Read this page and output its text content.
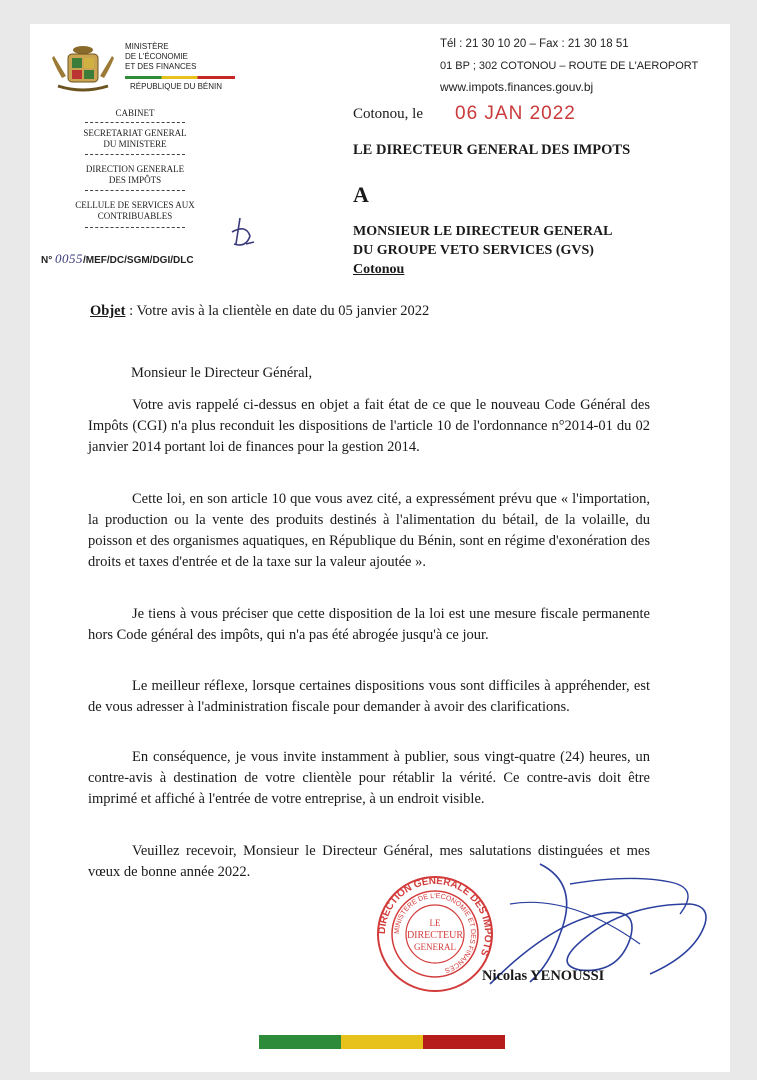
MINISTÈRE
DE L'ÉCONOMIE
ET DES FINANCES
RÉPUBLIQUE DU BÉNIN
CABINET
SECRETARIAT GENERAL
DU MINISTERE
DIRECTION GENERALE
DES IMPÔTS
CELLULE DE SERVICES AUX
CONTRIBUABLES
N° 0055/MEF/DC/SGM/DGI/DLC
Tél : 21 30 10 20 – Fax : 21 30 18 51
01 BP ; 302 COTONOU – ROUTE DE L'AEROPORT
www.impots.finances.gouv.bj
Cotonou, le 06 JAN 2022
LE DIRECTEUR GENERAL DES IMPOTS
A
MONSIEUR LE DIRECTEUR GENERAL
DU GROUPE VETO SERVICES (GVS)
Cotonou
Objet : Votre avis à la clientèle en date du 05 janvier 2022
Monsieur le Directeur Général,

Votre avis rappelé ci-dessus en objet a fait état de ce que le nouveau Code Général des Impôts (CGI) n'a plus reconduit les dispositions de l'article 10 de l'ordonnance n°2014-01 du 02 janvier 2014 portant loi de finances pour la gestion 2014.

Cette loi, en son article 10 que vous avez cité, a expressément prévu que « l'importation, la production ou la vente des produits destinés à l'alimentation du bétail, de la volaille, du poisson et des organismes aquatiques, en République du Bénin, sont en régime d'exonération des droits et taxes d'entrée et de la taxe sur la valeur ajoutée ».

Je tiens à vous préciser que cette disposition de la loi est une mesure fiscale permanente hors Code général des impôts, qui n'a pas été abrogée jusqu'à ce jour.

Le meilleur réflexe, lorsque certaines dispositions vous sont difficiles à appréhender, est de vous adresser à l'administration fiscale pour demander à avoir des clarifications.

En conséquence, je vous invite instamment à publier, sous vingt-quatre (24) heures, un contre-avis à destination de votre clientèle pour rétablir la vérité. Ce contre-avis doit être imprimé et affiché à l'entrée de votre entreprise, à un endroit visible.

Veuillez recevoir, Monsieur le Directeur Général, mes salutations distinguées et mes vœux de bonne année 2022.

DIRECTION GENERALE DES IMPOTS
MINISTERE DE L'ECONOMIE ET DES FINANCES
LE
DIRECTEUR
GENERAL
Nicolas YENOUSSI
